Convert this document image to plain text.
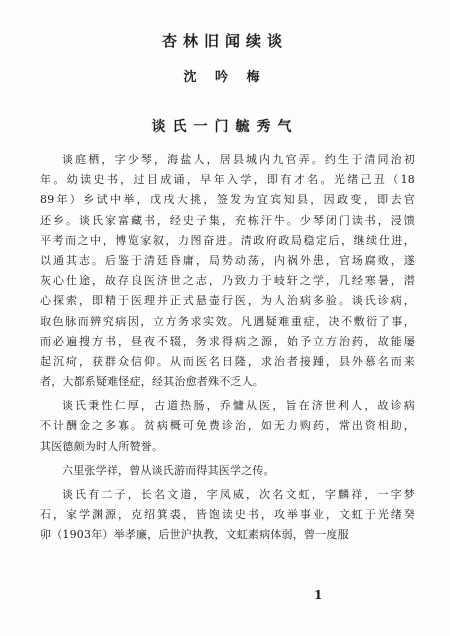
杏林旧闻续谈
沈 吟 梅
谈氏一门毓秀气
谈庭栖，字少琴，海盐人，居县城内九官弄。约生于清同治初
年。幼读史书，过目成诵，早年入学，即有才名。光绪己丑（18
89年）乡试中举，戊戌大挑，签发为宜宾知县，因政变，即去官
还乡。谈氏家富藏书，经史子集，充栋汗牛。少琴闭门读书，浸馈
平考而之中，博览家叙，力图奋进。清政府政局稳定后，继续仕进，
以通其志。后鉴于清廷昏庸，局势动荡，内祸外患，官场腐败，遂
灰心仕途，故存良医济世之志，乃致力于岐轩之学，几经寒暑，潜
心探索，即精于医理并正式悬壶行医，为人治病多验。谈氏诊病，
取色脉而辨究病因，立方务求实效。凡遇疑难重症，决不敷衍了事，
而必遍搜方书，昼夜不辍，务求得病之源，始予立方治药，故能屡
起沉疴，获群众信仰。从而医名日隆，求治者接踵，县外慕名而来
者，大都系疑难怪症，经其治愈者殊不乏人。
谈氏秉性仁厚，古道热肠，乔慵从医，旨在济世利人，故诊病
不计酬金之多寡。贫病概可免费诊治，如无力购药，常出资相助，
其医德颇为时人所赞誉。
六里张学祥，曾从谈氏游而得其医学之传。
谈氏有二子，长名文道，字凤威，次名文虹，字麟祥，一字梦
石，家学渊源，克绍箕裘，皆饱读史书，攻举事业，文虹于光绪癸
卯（1903年）举孝廉，后世沪执教，文虹素病体弱，曾一度服
1
